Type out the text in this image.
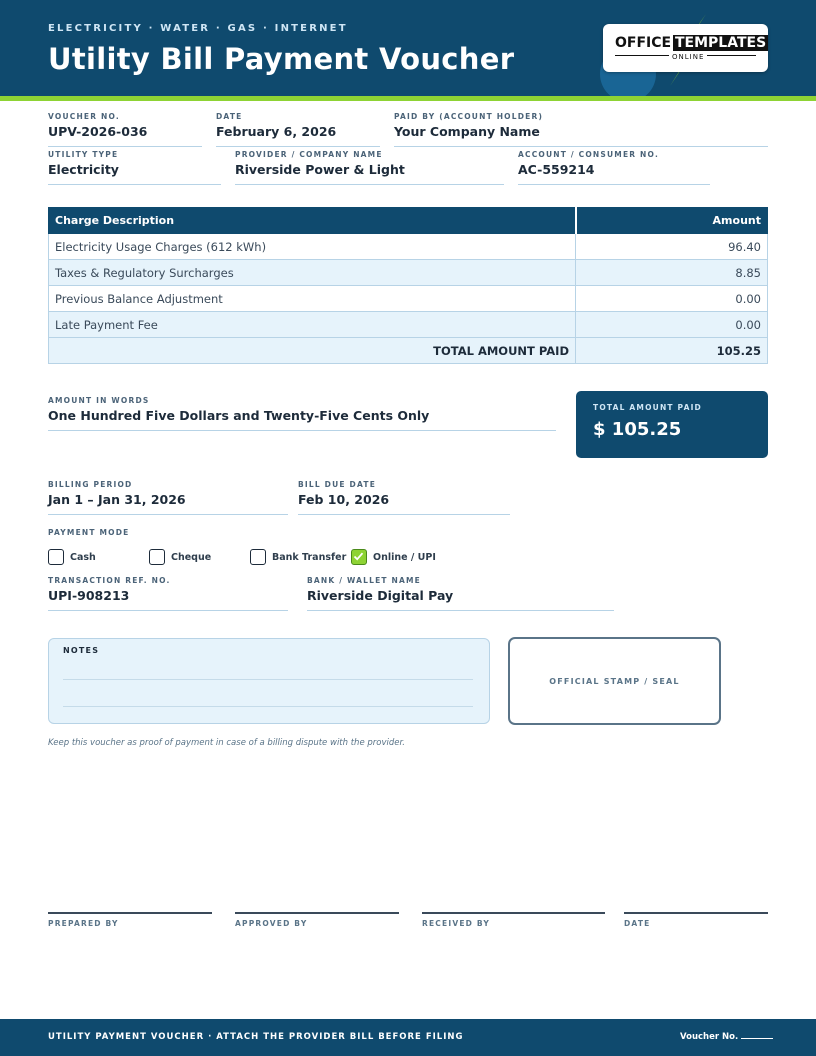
ELECTRICITY · WATER · GAS · INTERNET
Utility Bill Payment Voucher	OFFICE TEMPLATES
ONLINE
VOUCHER NO.
UPV-2026-036
DATE
February 6, 2026
PAID BY (ACCOUNT HOLDER)
Your Company Name
UTILITY TYPE
Electricity
PROVIDER / COMPANY NAME
Riverside Power & Light
ACCOUNT / CONSUMER NO.
AC-559214
Charge Description	Amount
Electricity Usage Charges (612 kWh)	96.40
Taxes & Regulatory Surcharges	8.85
Previous Balance Adjustment	0.00
Late Payment Fee	0.00
TOTAL AMOUNT PAID	105.25
AMOUNT IN WORDS
One Hundred Five Dollars and Twenty-Five Cents Only
TOTAL AMOUNT PAID
$ 105.25
BILLING PERIOD
Jan 1 – Jan 31, 2026
BILL DUE DATE
Feb 10, 2026
PAYMENT MODE
Cash	Cheque	Bank Transfer	Online / UPI
TRANSACTION REF. NO.
UPI-908213
BANK / WALLET NAME
Riverside Digital Pay
NOTES
OFFICIAL STAMP / SEAL
Keep this voucher as proof of payment in case of a billing dispute with the provider.
PREPARED BY	APPROVED BY	RECEIVED BY	DATE
UTILITY PAYMENT VOUCHER · ATTACH THE PROVIDER BILL BEFORE FILING	Voucher No.
